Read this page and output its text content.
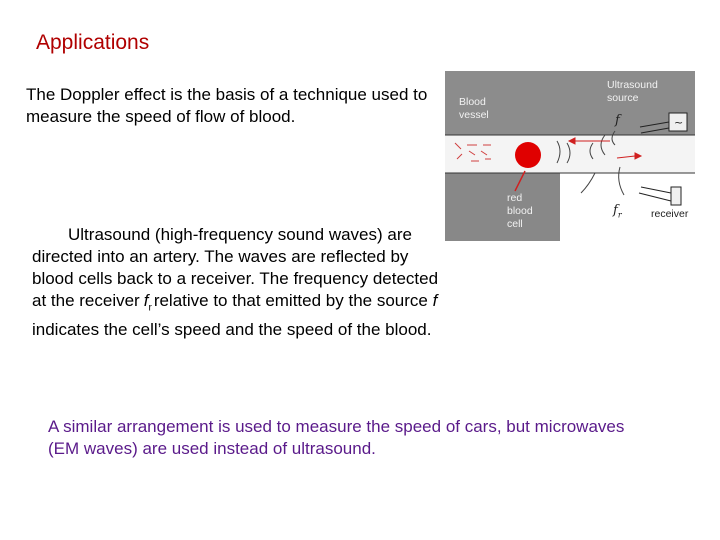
Applications
The Doppler effect is the basis of a technique used to measure the speed of flow of blood.
Ultrasound (high-frequency sound waves) are directed into an artery. The waves are reflected by blood cells back to a receiver. The frequency detected at the receiver $f_r$ relative to that emitted by the source f indicates the cell’s speed and the speed of the blood.
A similar arrangement is used to measure the speed of cars, but microwaves (EM waves) are used instead of ultrasound.
~
Blood
vessel
Ultrasound
source
red
blood
cell
receiver
f
$f_r$
